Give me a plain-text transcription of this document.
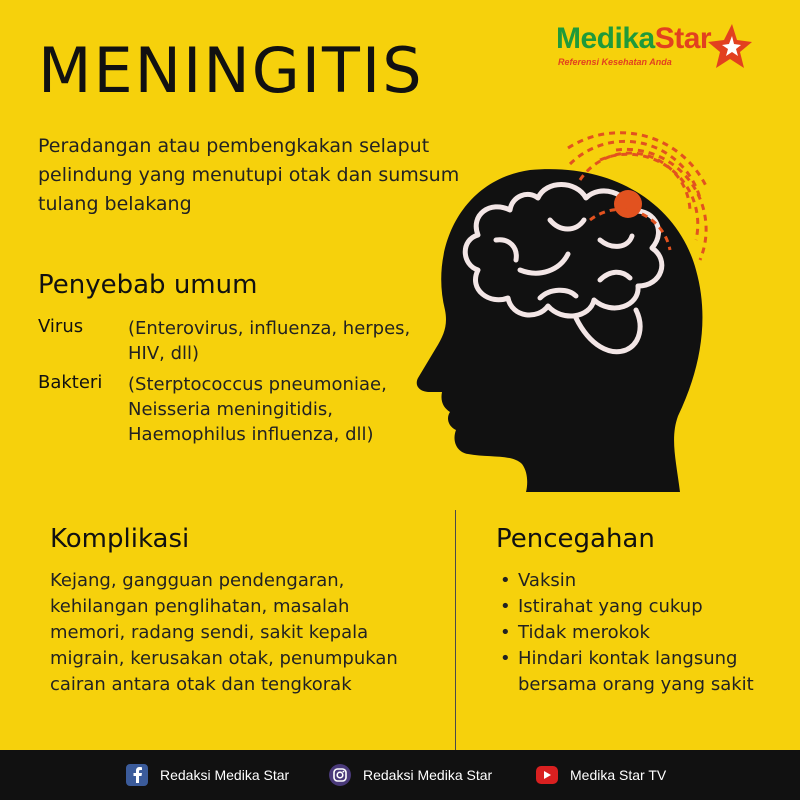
MENINGITIS	MedikaStar
Referensi Kesehatan Anda
Peradangan atau pembengkakan selaput pelindung yang menutupi otak dan sumsum tulang belakang
Penyebab umum
Virus (Enterovirus, influenza, herpes, HIV, dll)
Bakteri (Sterptococcus pneumoniae, Neisseria meningitidis, Haemophilus influenza, dll)
Komplikasi
Kejang, gangguan pendengaran, kehilangan penglihatan, masalah memori, radang sendi, sakit kepala migrain, kerusakan otak, penumpukan cairan antara otak dan tengkorak
Pencegahan
• Vaksin
• Istirahat yang cukup
• Tidak merokok
• Hindari kontak langsung bersama orang yang sakit
Redaksi Medika Star	Redaksi Medika Star	Medika Star TV
